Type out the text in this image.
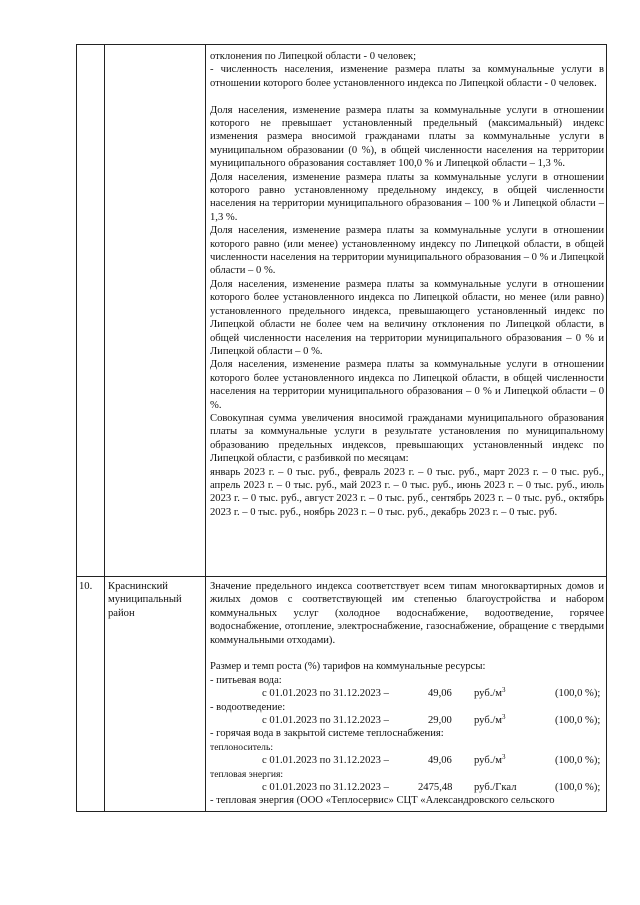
отклонения по Липецкой области - 0 человек;

- численность населения, изменение размера платы за коммунальные услуги в отношении которого более установленного индекса по Липецкой области - 0 человек.

Доля населения, изменение размера платы за коммунальные услуги в отношении которого не превышает установленный предельный (максимальный) индекс изменения размера вносимой гражданами платы за коммунальные услуги в муниципальном образовании (0 %), в общей численности населения на территории муниципального образования составляет 100,0 % и Липецкой области – 1,3 %.

Доля населения, изменение размера платы за коммунальные услуги в отношении которого равно установленному предельному индексу, в общей численности населения на территории муниципального образования – 100 % и Липецкой области – 1,3 %.

Доля населения, изменение размера платы за коммунальные услуги в отношении которого равно (или менее) установленному индексу по Липецкой области, в общей численности населения на территории муниципального образования – 0 % и Липецкой области – 0 %.

Доля населения, изменение размера платы за коммунальные услуги в отношении которого более установленного индекса по Липецкой области, но менее (или равно) установленного предельного индекса, превышающего установленный индекс по Липецкой области не более чем на величину отклонения по Липецкой области, в общей численности населения на территории муниципального образования – 0 % и Липецкой области – 0 %.

Доля населения, изменение размера платы за коммунальные услуги в отношении которого более установленного индекса по Липецкой области, в общей численности населения на территории муниципального образования – 0 % и Липецкой области – 0 %.

Совокупная сумма увеличения вносимой гражданами муниципального образования платы за коммунальные услуги в результате установления по муниципальному образованию предельных индексов, превышающих установленный индекс по Липецкой области, с разбивкой по месяцам:

январь 2023 г. – 0 тыс. руб., февраль 2023 г. – 0 тыс. руб., март 2023 г. – 0 тыс. руб., апрель 2023 г. – 0 тыс. руб., май 2023 г. – 0 тыс. руб., июнь 2023 г. – 0 тыс. руб., июль 2023 г. – 0 тыс. руб., август 2023 г. – 0 тыс. руб., сентябрь 2023 г. – 0 тыс. руб., октябрь 2023 г. – 0 тыс. руб., ноябрь 2023 г. – 0 тыс. руб., декабрь 2023 г. – 0 тыс. руб.

10.	Краснинский муниципальный район

Значение предельного индекса соответствует всем типам многоквартирных домов и жилых домов с соответствующей им степенью благоустройства и набором коммунальных услуг (холодное водоснабжение, водоотведение, горячее водоснабжение, отопление, электроснабжение, газоснабжение, обращение с твердыми коммунальными отходами).

Размер и темп роста (%) тарифов на коммунальные ресурсы:

- питьевая вода:

с 01.01.2023 по 31.12.2023 –	49,06 $руб./м^3$	(100,0 %);

- водоотведение:

с 01.01.2023 по 31.12.2023 –	29,00 $руб./м^3$	(100,0 %);

- горячая вода в закрытой системе теплоснабжения:

теплоноситель:

с 01.01.2023 по 31.12.2023 –	49,06 $руб./м^3$	(100,0 %);

тепловая энергия:

с 01.01.2023 по 31.12.2023 –	2475,48 руб./Гкал	(100,0 %);

- тепловая энергия (ООО «Теплосервис» СЦТ «Александровского сельского
